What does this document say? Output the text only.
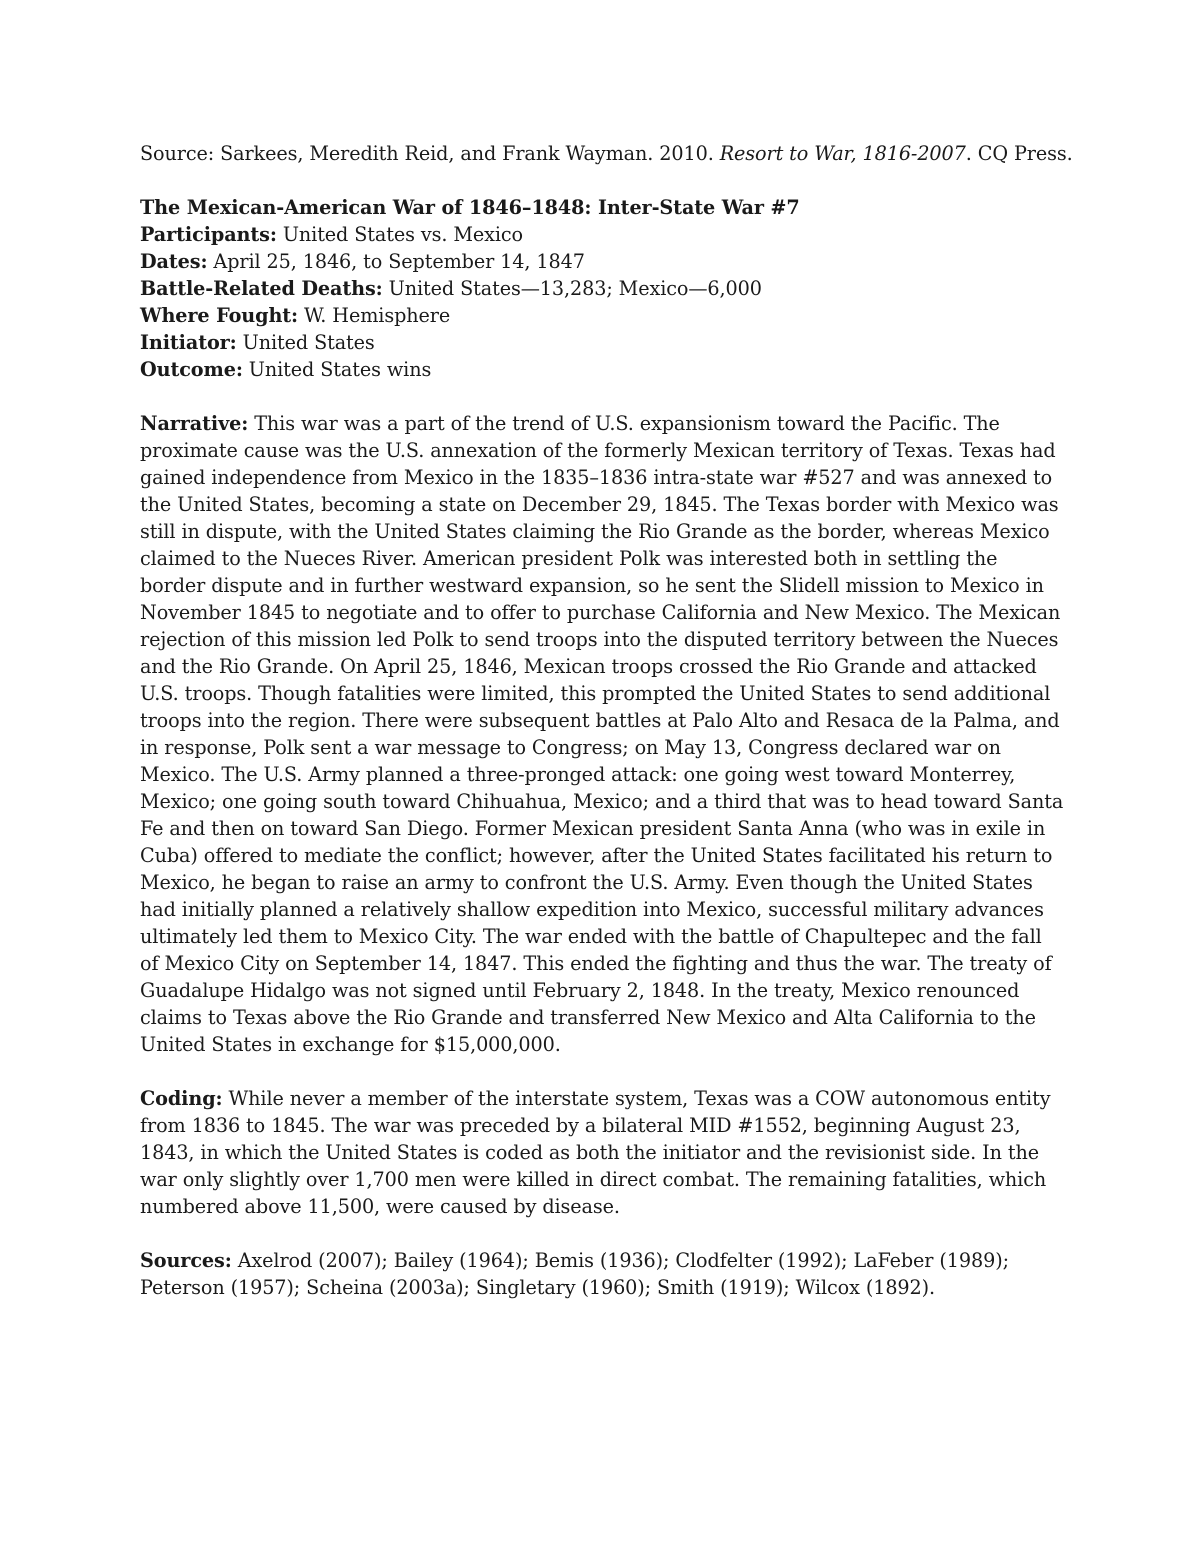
Source: Sarkees, Meredith Reid, and Frank Wayman. 2010. Resort to War, 1816-2007. CQ Press.

The Mexican-American War of 1846–1848: Inter-State War #7

Participants: United States vs. Mexico

Dates: April 25, 1846, to September 14, 1847

Battle-Related Deaths: United States—13,283; Mexico—6,000

Where Fought: W. Hemisphere

Initiator: United States

Outcome: United States wins

Narrative: This war was a part of the trend of U.S. expansionism toward the Pacific. The proximate cause was the U.S. annexation of the formerly Mexican territory of Texas. Texas had gained independence from Mexico in the 1835–1836 intra-state war #527 and was annexed to the United States, becoming a state on December 29, 1845. The Texas border with Mexico was still in dispute, with the United States claiming the Rio Grande as the border, whereas Mexico claimed to the Nueces River. American president Polk was interested both in settling the border dispute and in further westward expansion, so he sent the Slidell mission to Mexico in November 1845 to negotiate and to offer to purchase California and New Mexico. The Mexican rejection of this mission led Polk to send troops into the disputed territory between the Nueces and the Rio Grande. On April 25, 1846, Mexican troops crossed the Rio Grande and attacked U.S. troops. Though fatalities were limited, this prompted the United States to send additional troops into the region. There were subsequent battles at Palo Alto and Resaca de la Palma, and in response, Polk sent a war message to Congress; on May 13, Congress declared war on Mexico. The U.S. Army planned a three-pronged attack: one going west toward Monterrey, Mexico; one going south toward Chihuahua, Mexico; and a third that was to head toward Santa Fe and then on toward San Diego. Former Mexican president Santa Anna (who was in exile in Cuba) offered to mediate the conflict; however, after the United States facilitated his return to Mexico, he began to raise an army to confront the U.S. Army. Even though the United States had initially planned a relatively shallow expedition into Mexico, successful military advances ultimately led them to Mexico City. The war ended with the battle of Chapultepec and the fall of Mexico City on September 14, 1847. This ended the fighting and thus the war. The treaty of Guadalupe Hidalgo was not signed until February 2, 1848. In the treaty, Mexico renounced claims to Texas above the Rio Grande and transferred New Mexico and Alta California to the United States in exchange for $15,000,000.

Coding: While never a member of the interstate system, Texas was a COW autonomous entity from 1836 to 1845. The war was preceded by a bilateral MID #1552, beginning August 23, 1843, in which the United States is coded as both the initiator and the revisionist side. In the war only slightly over 1,700 men were killed in direct combat. The remaining fatalities, which numbered above 11,500, were caused by disease.

Sources: Axelrod (2007); Bailey (1964); Bemis (1936); Clodfelter (1992); LaFeber (1989); Peterson (1957); Scheina (2003a); Singletary (1960); Smith (1919); Wilcox (1892).
